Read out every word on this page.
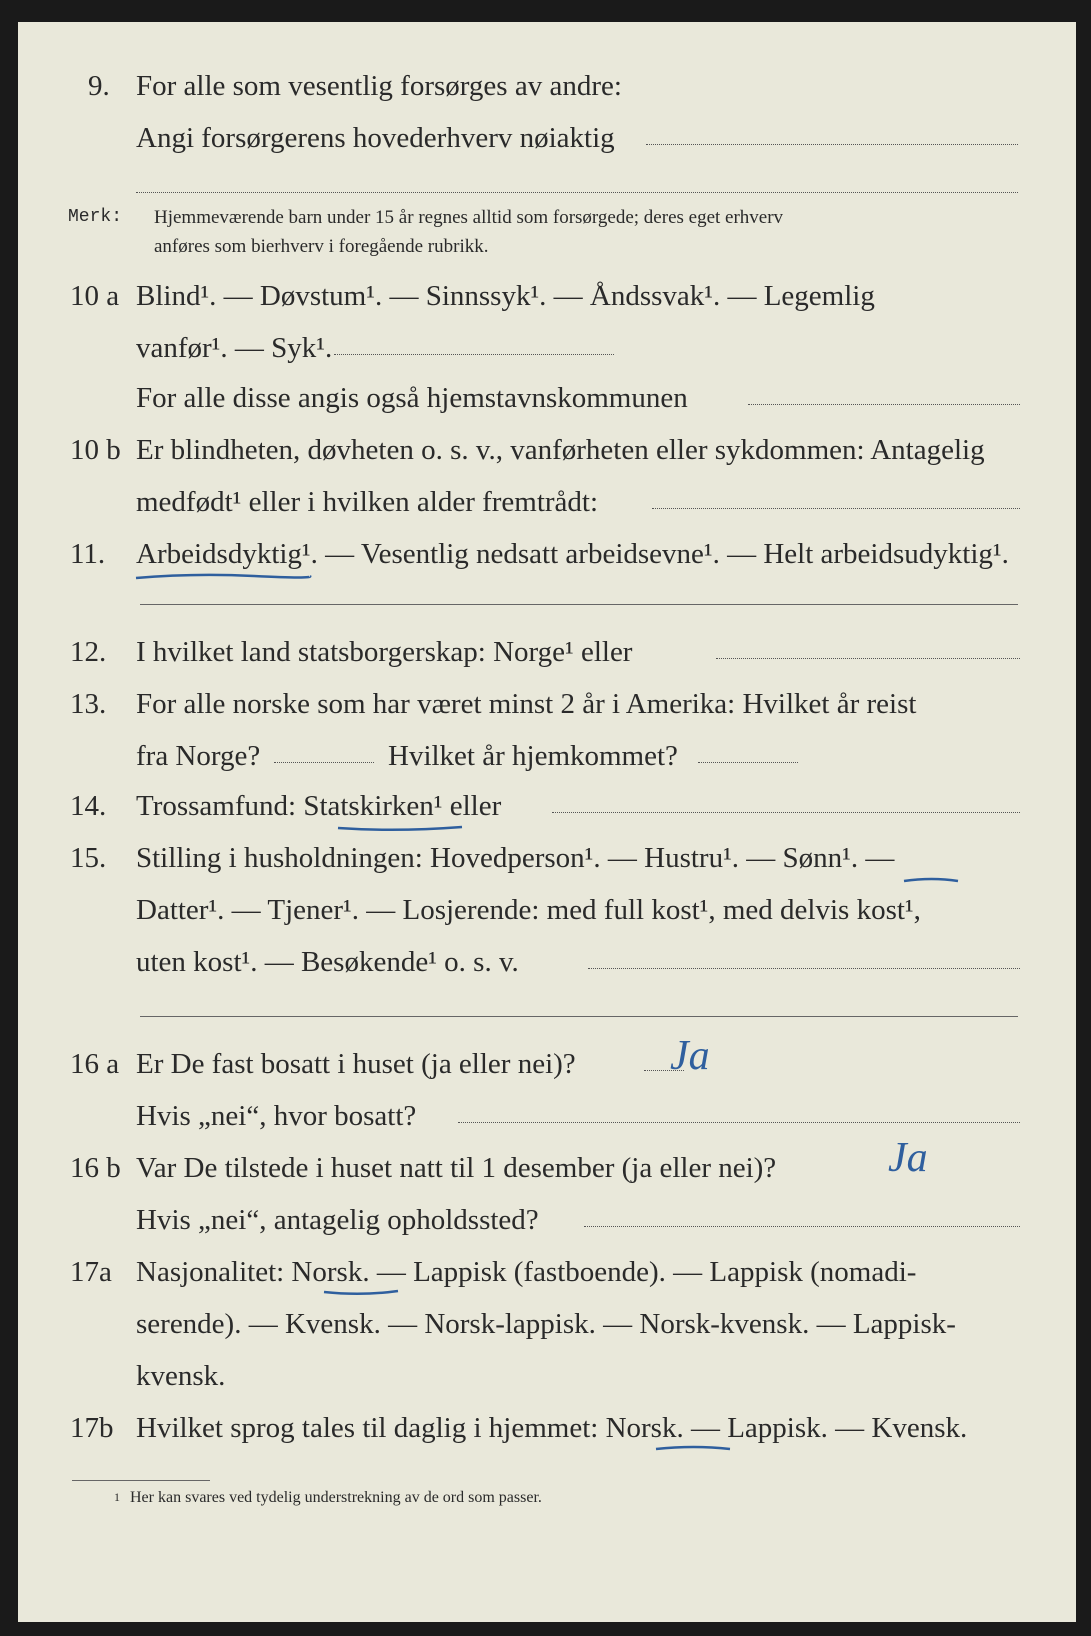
9. For alle som vesentlig forsørges av andre:
Angi forsørgerens hovederhverv nøiaktig
Merk: Hjemmeværende barn under 15 år regnes alltid som forsørgede; deres eget erhverv
anføres som bierhverv i foregående rubrikk.
10 a Blind¹. — Døvstum¹. — Sinnssyk¹. — Åndssvak¹. — Legemlig
vanfør¹. — Syk¹.
For alle disse angis også hjemstavnskommunen
10 b Er blindheten, døvheten o. s. v., vanførheten eller sykdommen: Antagelig
medfødt¹ eller i hvilken alder fremtrådt:
11. Arbeidsdyktig¹. — Vesentlig nedsatt arbeidsevne¹. — Helt arbeidsudyktig¹.
12. I hvilket land statsborgerskap: Norge¹ eller
13. For alle norske som har været minst 2 år i Amerika: Hvilket år reist
fra Norge?	Hvilket år hjemkommet?
14. Trossamfund: Statskirken¹ eller
15. Stilling i husholdningen: Hovedperson¹. — Hustru¹. — Sønn¹. —
Datter¹. — Tjener¹. — Losjerende: med full kost¹, med delvis kost¹,
uten kost¹. — Besøkende¹ o. s. v.
16 a Er De fast bosatt i huset (ja eller nei)? Ja
Hvis „nei“, hvor bosatt?
16 b Var De tilstede i huset natt til 1 desember (ja eller nei)?	Ja
Hvis „nei“, antagelig opholdssted?
17a Nasjonalitet: Norsk. — Lappisk (fastboende). — Lappisk (nomadi-
serende). — Kvensk. — Norsk-lappisk. — Norsk-kvensk. — Lappisk-
kvensk.
17b Hvilket sprog tales til daglig i hjemmet: Norsk. — Lappisk. — Kvensk.
1 Her kan svares ved tydelig understrekning av de ord som passer.
